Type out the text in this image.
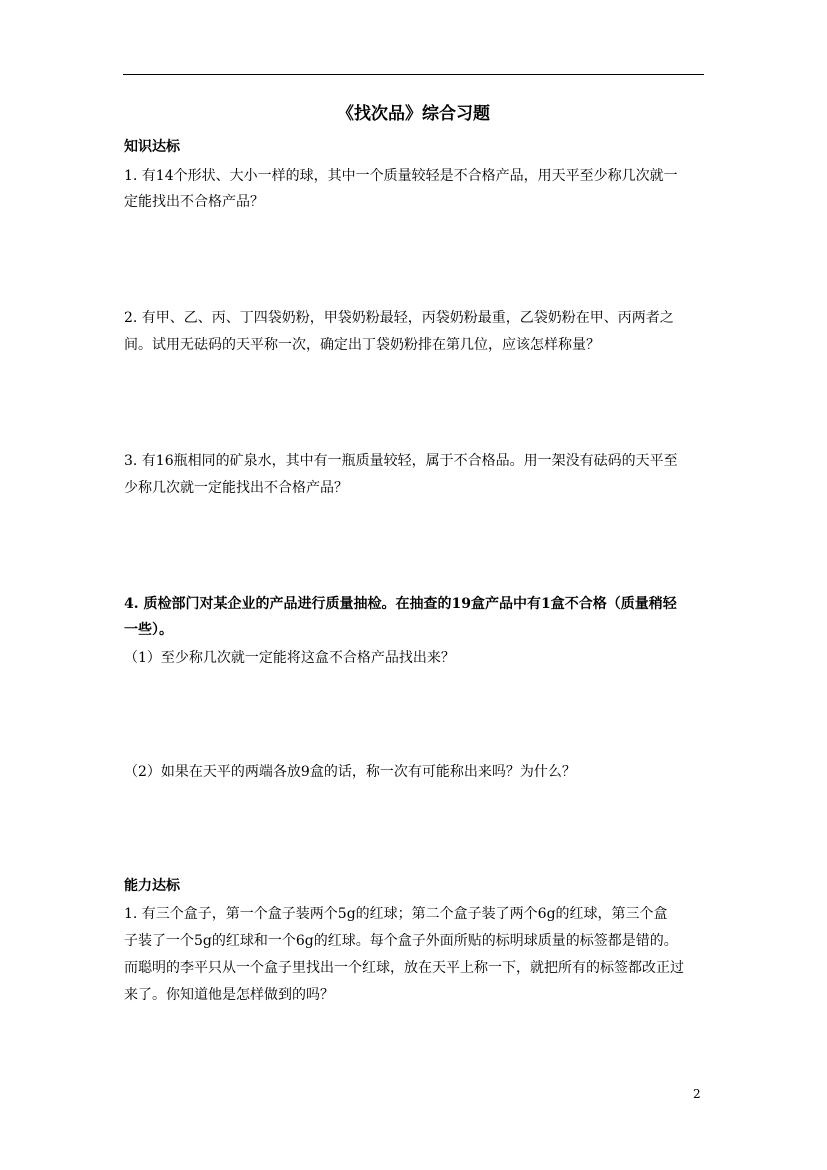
《找次品》综合习题
知识达标
1. 有14个形状、大小一样的球，其中一个质量较轻是不合格产品，用天平至少称几次就一
定能找出不合格产品？
2. 有甲、乙、丙、丁四袋奶粉，甲袋奶粉最轻，丙袋奶粉最重，乙袋奶粉在甲、丙两者之
间。试用无砝码的天平称一次，确定出丁袋奶粉排在第几位，应该怎样称量？
3. 有16瓶相同的矿泉水，其中有一瓶质量较轻，属于不合格品。用一架没有砝码的天平至
少称几次就一定能找出不合格产品？
4. 质检部门对某企业的产品进行质量抽检。在抽查的19盒产品中有1盒不合格（质量稍轻
一些）。
（1）至少称几次就一定能将这盒不合格产品找出来？
（2）如果在天平的两端各放9盒的话，称一次有可能称出来吗？为什么？
能力达标
1. 有三个盒子，第一个盒子装两个5g的红球；第二个盒子装了两个6g的红球，第三个盒
子装了一个5g的红球和一个6g的红球。每个盒子外面所贴的标明球质量的标签都是错的。
而聪明的李平只从一个盒子里找出一个红球，放在天平上称一下，就把所有的标签都改正过
来了。你知道他是怎样做到的吗？
2
